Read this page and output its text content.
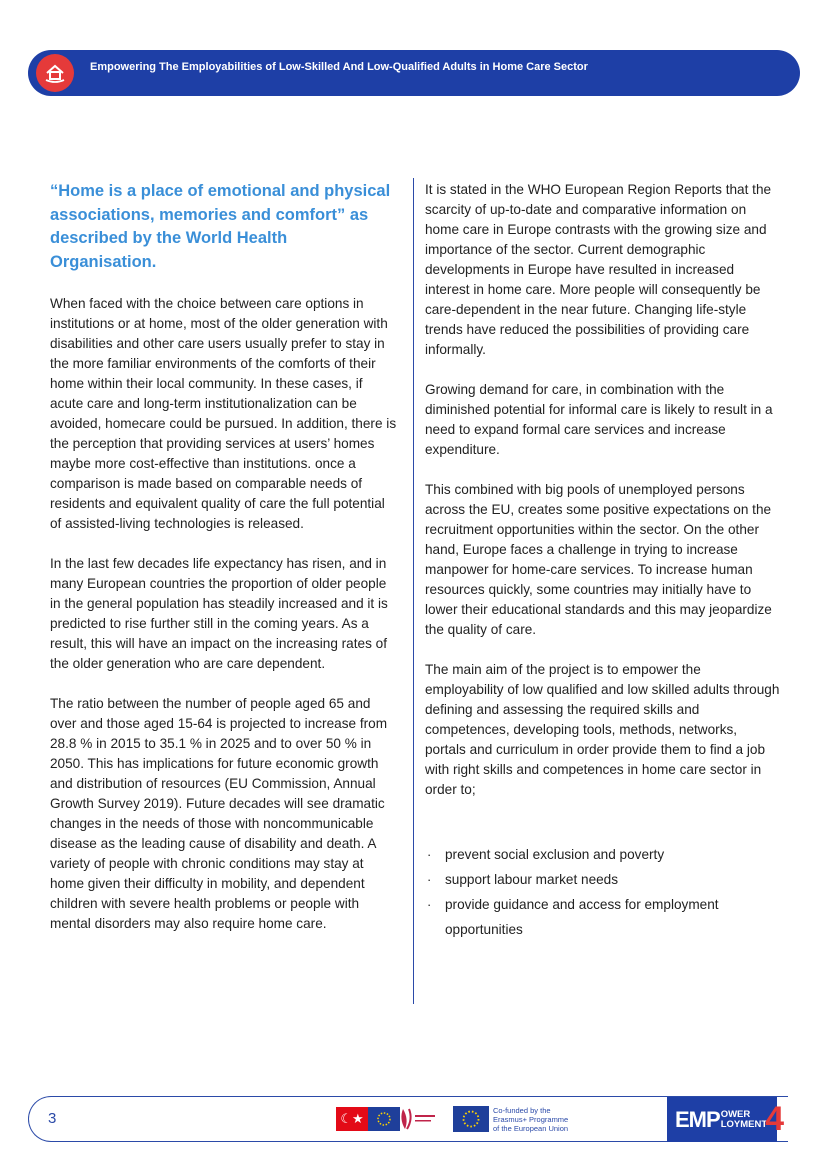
Empowering The Employabilities of Low-Skilled And Low-Qualified Adults in Home Care Sector

“Home is a place of emotional and physical associations, memories and comfort” as described by the World Health Organisation.

When faced with the choice between care options in institutions or at home, most of the older generation with disabilities and other care users usually prefer to stay in the more familiar environments of the comforts of their home within their local community. In these cases, if acute care and long-term institutionalization can be avoided, homecare could be pursued. In addition, there is the perception that providing services at users’ homes maybe more cost-effective than institutions. once a comparison is made based on comparable needs of residents and equivalent quality of care the full potential of assisted-living technologies is released.

In the last few decades life expectancy has risen, and in many European countries the proportion of older people in the general population has steadily increased and it is predicted to rise further still in the coming years. As a result, this will have an impact on the increasing rates of the older generation who are care dependent.

The ratio between the number of people aged 65 and over and those aged 15-64 is projected to increase from 28.8 % in 2015 to 35.1 % in 2025 and to over 50 % in 2050. This has implications for future economic growth and distribution of resources (EU Commission, Annual Growth Survey 2019). Future decades will see dramatic changes in the needs of those with noncommunicable disease as the leading cause of disability and death. A variety of people with chronic conditions may stay at home given their difficulty in mobility, and dependent children with severe health problems or people with mental disorders may also require home care.

It is stated in the WHO European Region Reports that the scarcity of up-to-date and comparative information on home care in Europe contrasts with the growing size and importance of the sector. Current demographic developments in Europe have resulted in increased interest in home care. More people will consequently be care-dependent in the near future. Changing life-style trends have reduced the possibilities of providing care informally.

Growing demand for care, in combination with the diminished potential for informal care is likely to result in a need to expand formal care services and increase expenditure.

This combined with big pools of unemployed persons across the EU, creates some positive expectations on the recruitment opportunities within the sector. On the other hand, Europe faces a challenge in trying to increase manpower for home-care services. To increase human resources quickly, some countries may initially have to lower their educational standards and this may jeopardize the quality of care.

The main aim of the project is to empower the employability of low qualified and low skilled adults through defining and assessing the required skills and competences, developing tools, methods, networks, portals and curriculum in order provide them to find a job with right skills and competences in home care sector in order to;

· prevent social exclusion and poverty
· support labour market needs
· provide guidance and access for employment opportunities
3	☾★
Co-funded by the
Erasmus+ Programme
of the European Union	EMP OWER
LOYMENT
4
